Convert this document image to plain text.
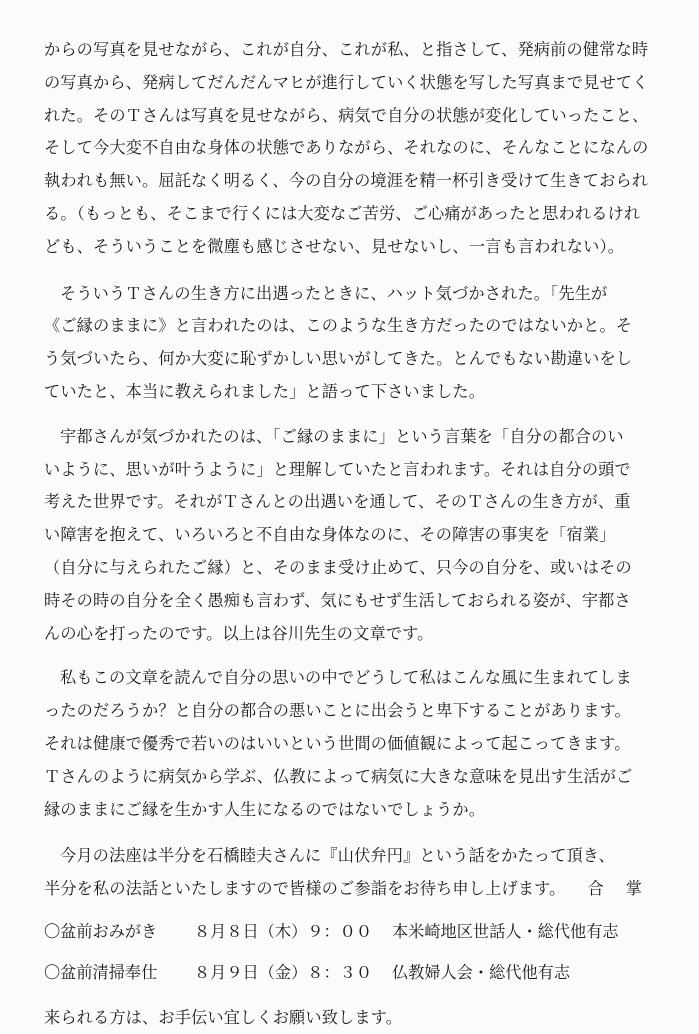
からの写真を見せながら、これが自分、これが私、と指さして、発病前の健常な時

の写真から、発病してだんだんマヒが進行していく状態を写した写真まで見せてく

れた。そのＴさんは写真を見せながら、病気で自分の状態が変化していったこと、

そして今大変不自由な身体の状態でありながら、それなのに、そんなことになんの

執われも無い。屈託なく明るく、今の自分の境涯を精一杯引き受けて生きておられ

る。（もっとも、そこまで行くには大変なご苦労、ご心痛があったと思われるけれ

ども、そういうことを微塵も感じさせない、見せないし、一言も言われない）。

そういうＴさんの生き方に出遇ったときに、ハット気づかされた。「先生が

《ご縁のままに》と言われたのは、このような生き方だったのではないかと。そ

う気づいたら、何か大変に恥ずかしい思いがしてきた。とんでもない勘違いをし

ていたと、本当に教えられました」と語って下さいました。

宇都さんが気づかれたのは、「ご縁のままに」という言葉を「自分の都合のい

いように、思いが叶うように」と理解していたと言われます。それは自分の頭で

考えた世界です。それがＴさんとの出遇いを通して、そのＴさんの生き方が、重

い障害を抱えて、いろいろと不自由な身体なのに、その障害の事実を「宿業」

（自分に与えられたご縁）と、そのまま受け止めて、只今の自分を、或いはその

時その時の自分を全く愚痴も言わず、気にもせず生活しておられる姿が、宇都さ

んの心を打ったのです。以上は谷川先生の文章です。

私もこの文章を読んで自分の思いの中でどうして私はこんな風に生まれてしま

ったのだろうか？と自分の都合の悪いことに出会うと卑下することがあります。

それは健康で優秀で若いのはいいという世間の価値観によって起こってきます。

Ｔさんのように病気から学ぶ、仏教によって病気に大きな意味を見出す生活がご

縁のままにご縁を生かす人生になるのではないでしょうか。

今月の法座は半分を石橋睦夫さんに『山伏弁円』という話をかたって頂き、

半分を私の法話といたしますので皆様のご参詣をお待ち申し上げます。 合掌

〇盆前おみがき	８月８日（木）９：００	本米崎地区世話人・総代他有志
〇盆前清掃奉仕	８月９日（金）８：３０	仏教婦人会・総代他有志

来られる方は、お手伝い宜しくお願い致します。
